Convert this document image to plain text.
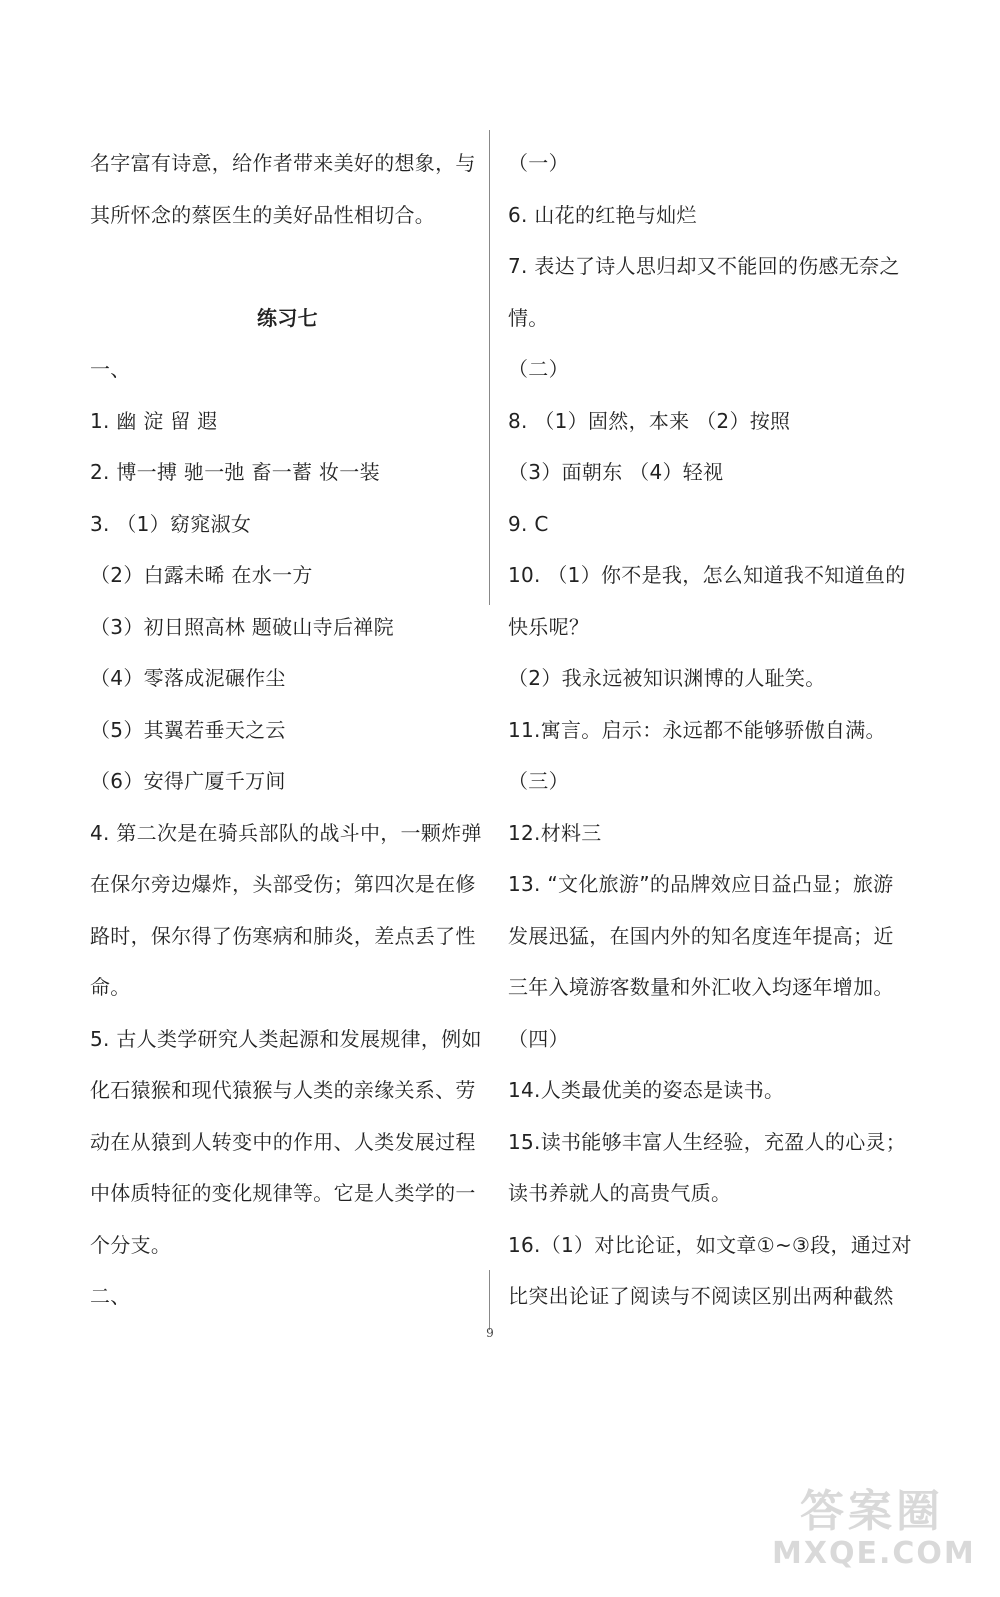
名字富有诗意，给作者带来美好的想象，与
其所怀念的蔡医生的美好品性相切合。
练习七
一、
1. 幽 淀 留 遐
2. 博一搏 驰一弛 畜一蓄 妆一装
3. （1）窈窕淑女
（2）白露未晞 在水一方
（3）初日照高林 题破山寺后禅院
（4）零落成泥碾作尘
（5）其翼若垂天之云
（6）安得广厦千万间
4. 第二次是在骑兵部队的战斗中，一颗炸弹
在保尔旁边爆炸，头部受伤；第四次是在修
路时，保尔得了伤寒病和肺炎，差点丢了性
命。
5. 古人类学研究人类起源和发展规律，例如
化石猿猴和现代猿猴与人类的亲缘关系、劳
动在从猿到人转变中的作用、人类发展过程
中体质特征的变化规律等。它是人类学的一
个分支。
二、
（一）
6. 山花的红艳与灿烂
7. 表达了诗人思归却又不能回的伤感无奈之
情。
（二）
8. （1）固然，本来 （2）按照
（3）面朝东 （4）轻视
9. C
10. （1）你不是我，怎么知道我不知道鱼的
快乐呢？
（2）我永远被知识渊博的人耻笑。
11.寓言。启示：永远都不能够骄傲自满。
（三）
12.材料三
13. “文化旅游”的品牌效应日益凸显；旅游
发展迅猛，在国内外的知名度连年提高；近
三年入境游客数量和外汇收入均逐年增加。
（四）
14.人类最优美的姿态是读书。
15.读书能够丰富人生经验，充盈人的心灵；
读书养就人的高贵气质。
16.（1）对比论证，如文章①~③段，通过对
比突出论证了阅读与不阅读区别出两种截然
9
答案圈
MXQE.COM
